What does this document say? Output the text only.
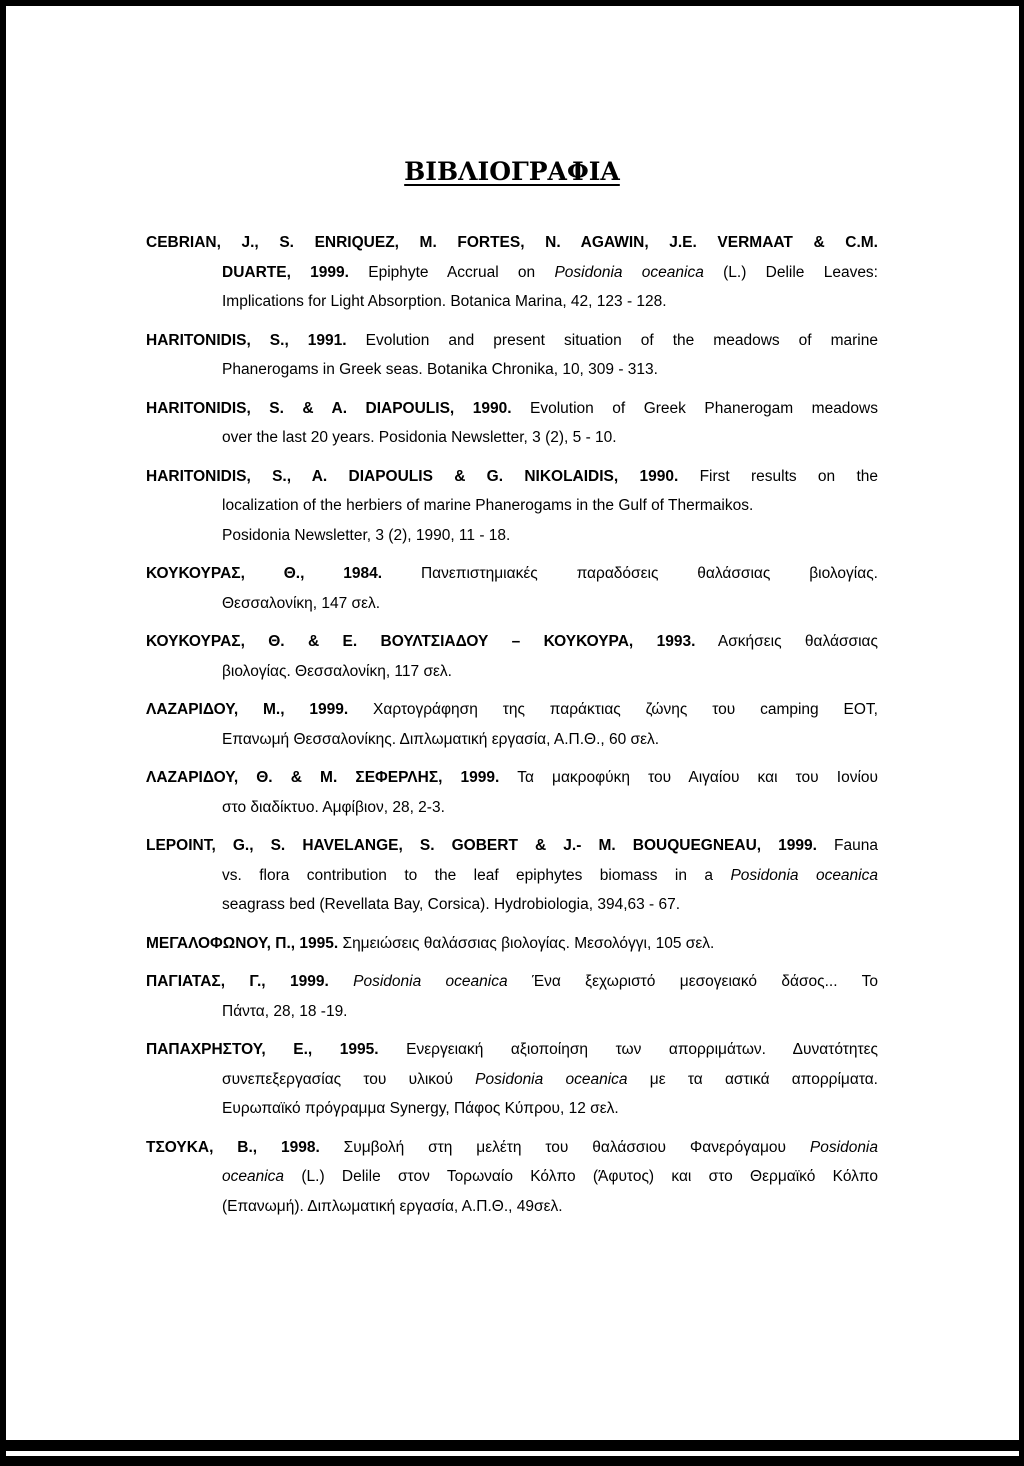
ΒΙΒΛΙΟΓΡΑΦΙΑ
CEBRIAN, J., S. ENRIQUEZ, M. FORTES, N. AGAWIN, J.E. VERMAAT & C.M.
DUARTE, 1999. Epiphyte Accrual on Posidonia oceanica (L.) Delile Leaves:
Implications for Light Absorption. Botanica Marina, 42, 123 - 128.
HARITONIDIS, S., 1991. Evolution and present situation of the meadows of marine
Phanerogams in Greek seas. Botanika Chronika, 10, 309 - 313.
HARITONIDIS, S. & A. DIAPOULIS, 1990. Evolution of Greek Phanerogam meadows
over the last 20 years. Posidonia Newsletter, 3 (2), 5 - 10.
HARITONIDIS, S., A. DIAPOULIS & G. NIKOLAIDIS, 1990. First results on the
localization of the herbiers of marine Phanerogams in the Gulf of Thermaikos.
Posidonia Newsletter, 3 (2), 1990, 11 - 18.
ΚΟΥΚΟΥΡΑΣ, Θ., 1984.	Πανεπιστημιακές παραδόσεις θαλάσσιας βιολογίας.
Θεσσαλονίκη, 147 σελ.
ΚΟΥΚΟΥΡΑΣ, Θ. & Ε. ΒΟΥΛΤΣΙΑΔΟΥ – ΚΟΥΚΟΥΡΑ, 1993. Ασκήσεις θαλάσσιας
βιολογίας. Θεσσαλονίκη, 117 σελ.
ΛΑΖΑΡΙΔΟΥ, Μ., 1999. Χαρτογράφηση της παράκτιας ζώνης του camping ΕΟΤ,
Επανωμή Θεσσαλονίκης. Διπλωματική εργασία, Α.Π.Θ., 60 σελ.
ΛΑΖΑΡΙΔΟΥ, Θ. & Μ. ΣΕΦΕΡΛΗΣ, 1999. Τα μακροφύκη του Αιγαίου και του Ιονίου
στο διαδίκτυο. Αμφίβιον, 28, 2-3.
LEPOINT, G., S. HAVELANGE, S. GOBERT & J.- M. BOUQUEGNEAU, 1999. Fauna
vs. flora contribution to the leaf epiphytes biomass in a Posidonia oceanica
seagrass bed (Revellata Bay, Corsica). Hydrobiologia, 394,63 - 67.
ΜΕΓΑΛΟΦΩΝΟΥ, Π., 1995. Σημειώσεις θαλάσσιας βιολογίας. Μεσολόγγι, 105 σελ.
ΠΑΓΙΑΤΑΣ, Γ., 1999. Posidonia oceanica Ένα ξεχωριστό μεσογειακό δάσος... Το
Πάντα, 28, 18 -19.
ΠΑΠΑΧΡΗΣΤΟΥ, Ε., 1995. Ενεργειακή αξιοποίηση των απορριμάτων. Δυνατότητες
συνεπεξεργασίας του υλικού Posidonia oceanica με τα αστικά απορρίματα.
Ευρωπαϊκό πρόγραμμα Synergy, Πάφος Κύπρου, 12 σελ.
ΤΣΟΥΚΑ, Β., 1998. Συμβολή στη μελέτη του θαλάσσιου Φανερόγαμου Posidonia
oceanica (L.) Delile στον Τορωναίο Κόλπο (Άφυτος) και στο Θερμαϊκό Κόλπο
(Επανωμή). Διπλωματική εργασία, Α.Π.Θ., 49σελ.
